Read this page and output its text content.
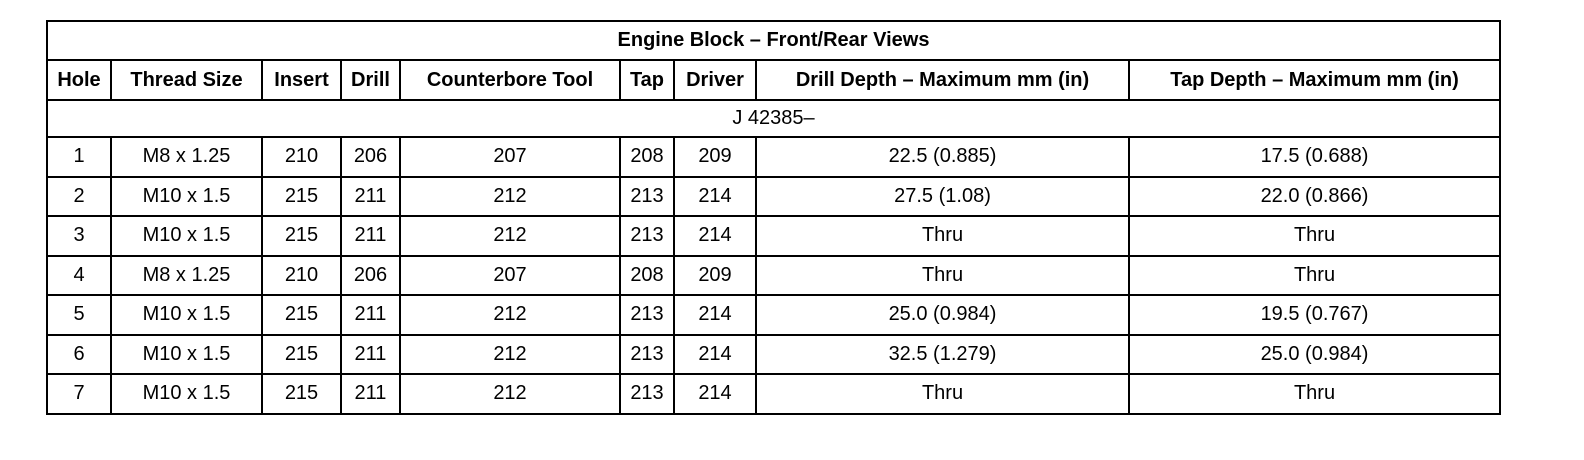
Engine Block – Front/Rear Views								
Hole	Thread Size	Insert	Drill	Counterbore Tool	Tap	Driver	Drill Depth – Maximum mm (in)	Tap Depth – Maximum mm (in)
J 42385–								
1	M8 x 1.25	210	206	207	208	209	22.5 (0.885)	17.5 (0.688)
2	M10 x 1.5	215	211	212	213	214	27.5 (1.08)	22.0 (0.866)
3	M10 x 1.5	215	211	212	213	214	Thru	Thru
4	M8 x 1.25	210	206	207	208	209	Thru	Thru
5	M10 x 1.5	215	211	212	213	214	25.0 (0.984)	19.5 (0.767)
6	M10 x 1.5	215	211	212	213	214	32.5 (1.279)	25.0 (0.984)
7	M10 x 1.5	215	211	212	213	214	Thru	Thru
